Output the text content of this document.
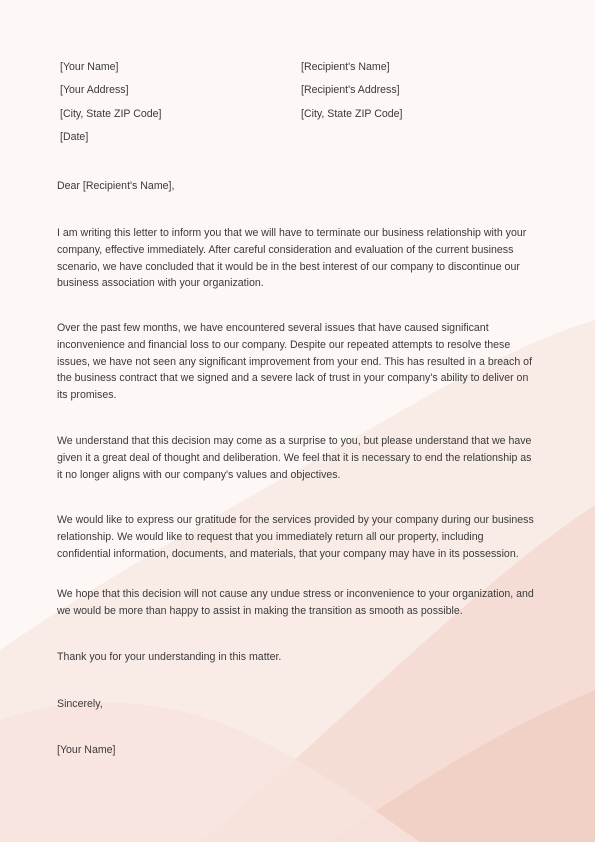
[Your Name]
[Your Address]
[City, State ZIP Code]
[Date]
[Recipient's Name]
[Recipient's Address]
[City, State ZIP Code]
Dear [Recipient's Name],

I am writing this letter to inform you that we will have to terminate our business relationship with your company, effective immediately. After careful consideration and evaluation of the current business scenario, we have concluded that it would be in the best interest of our company to discontinue our business association with your organization.

Over the past few months, we have encountered several issues that have caused significant inconvenience and financial loss to our company. Despite our repeated attempts to resolve these issues, we have not seen any significant improvement from your end. This has resulted in a breach of the business contract that we signed and a severe lack of trust in your company's ability to deliver on its promises.

We understand that this decision may come as a surprise to you, but please understand that we have given it a great deal of thought and deliberation. We feel that it is necessary to end the relationship as it no longer aligns with our company's values and objectives.

We would like to express our gratitude for the services provided by your company during our business relationship. We would like to request that you immediately return all our property, including confidential information, documents, and materials, that your company may have in its possession.

We hope that this decision will not cause any undue stress or inconvenience to your organization, and we would be more than happy to assist in making the transition as smooth as possible.

Thank you for your understanding in this matter.

Sincerely,
[Your Name]
